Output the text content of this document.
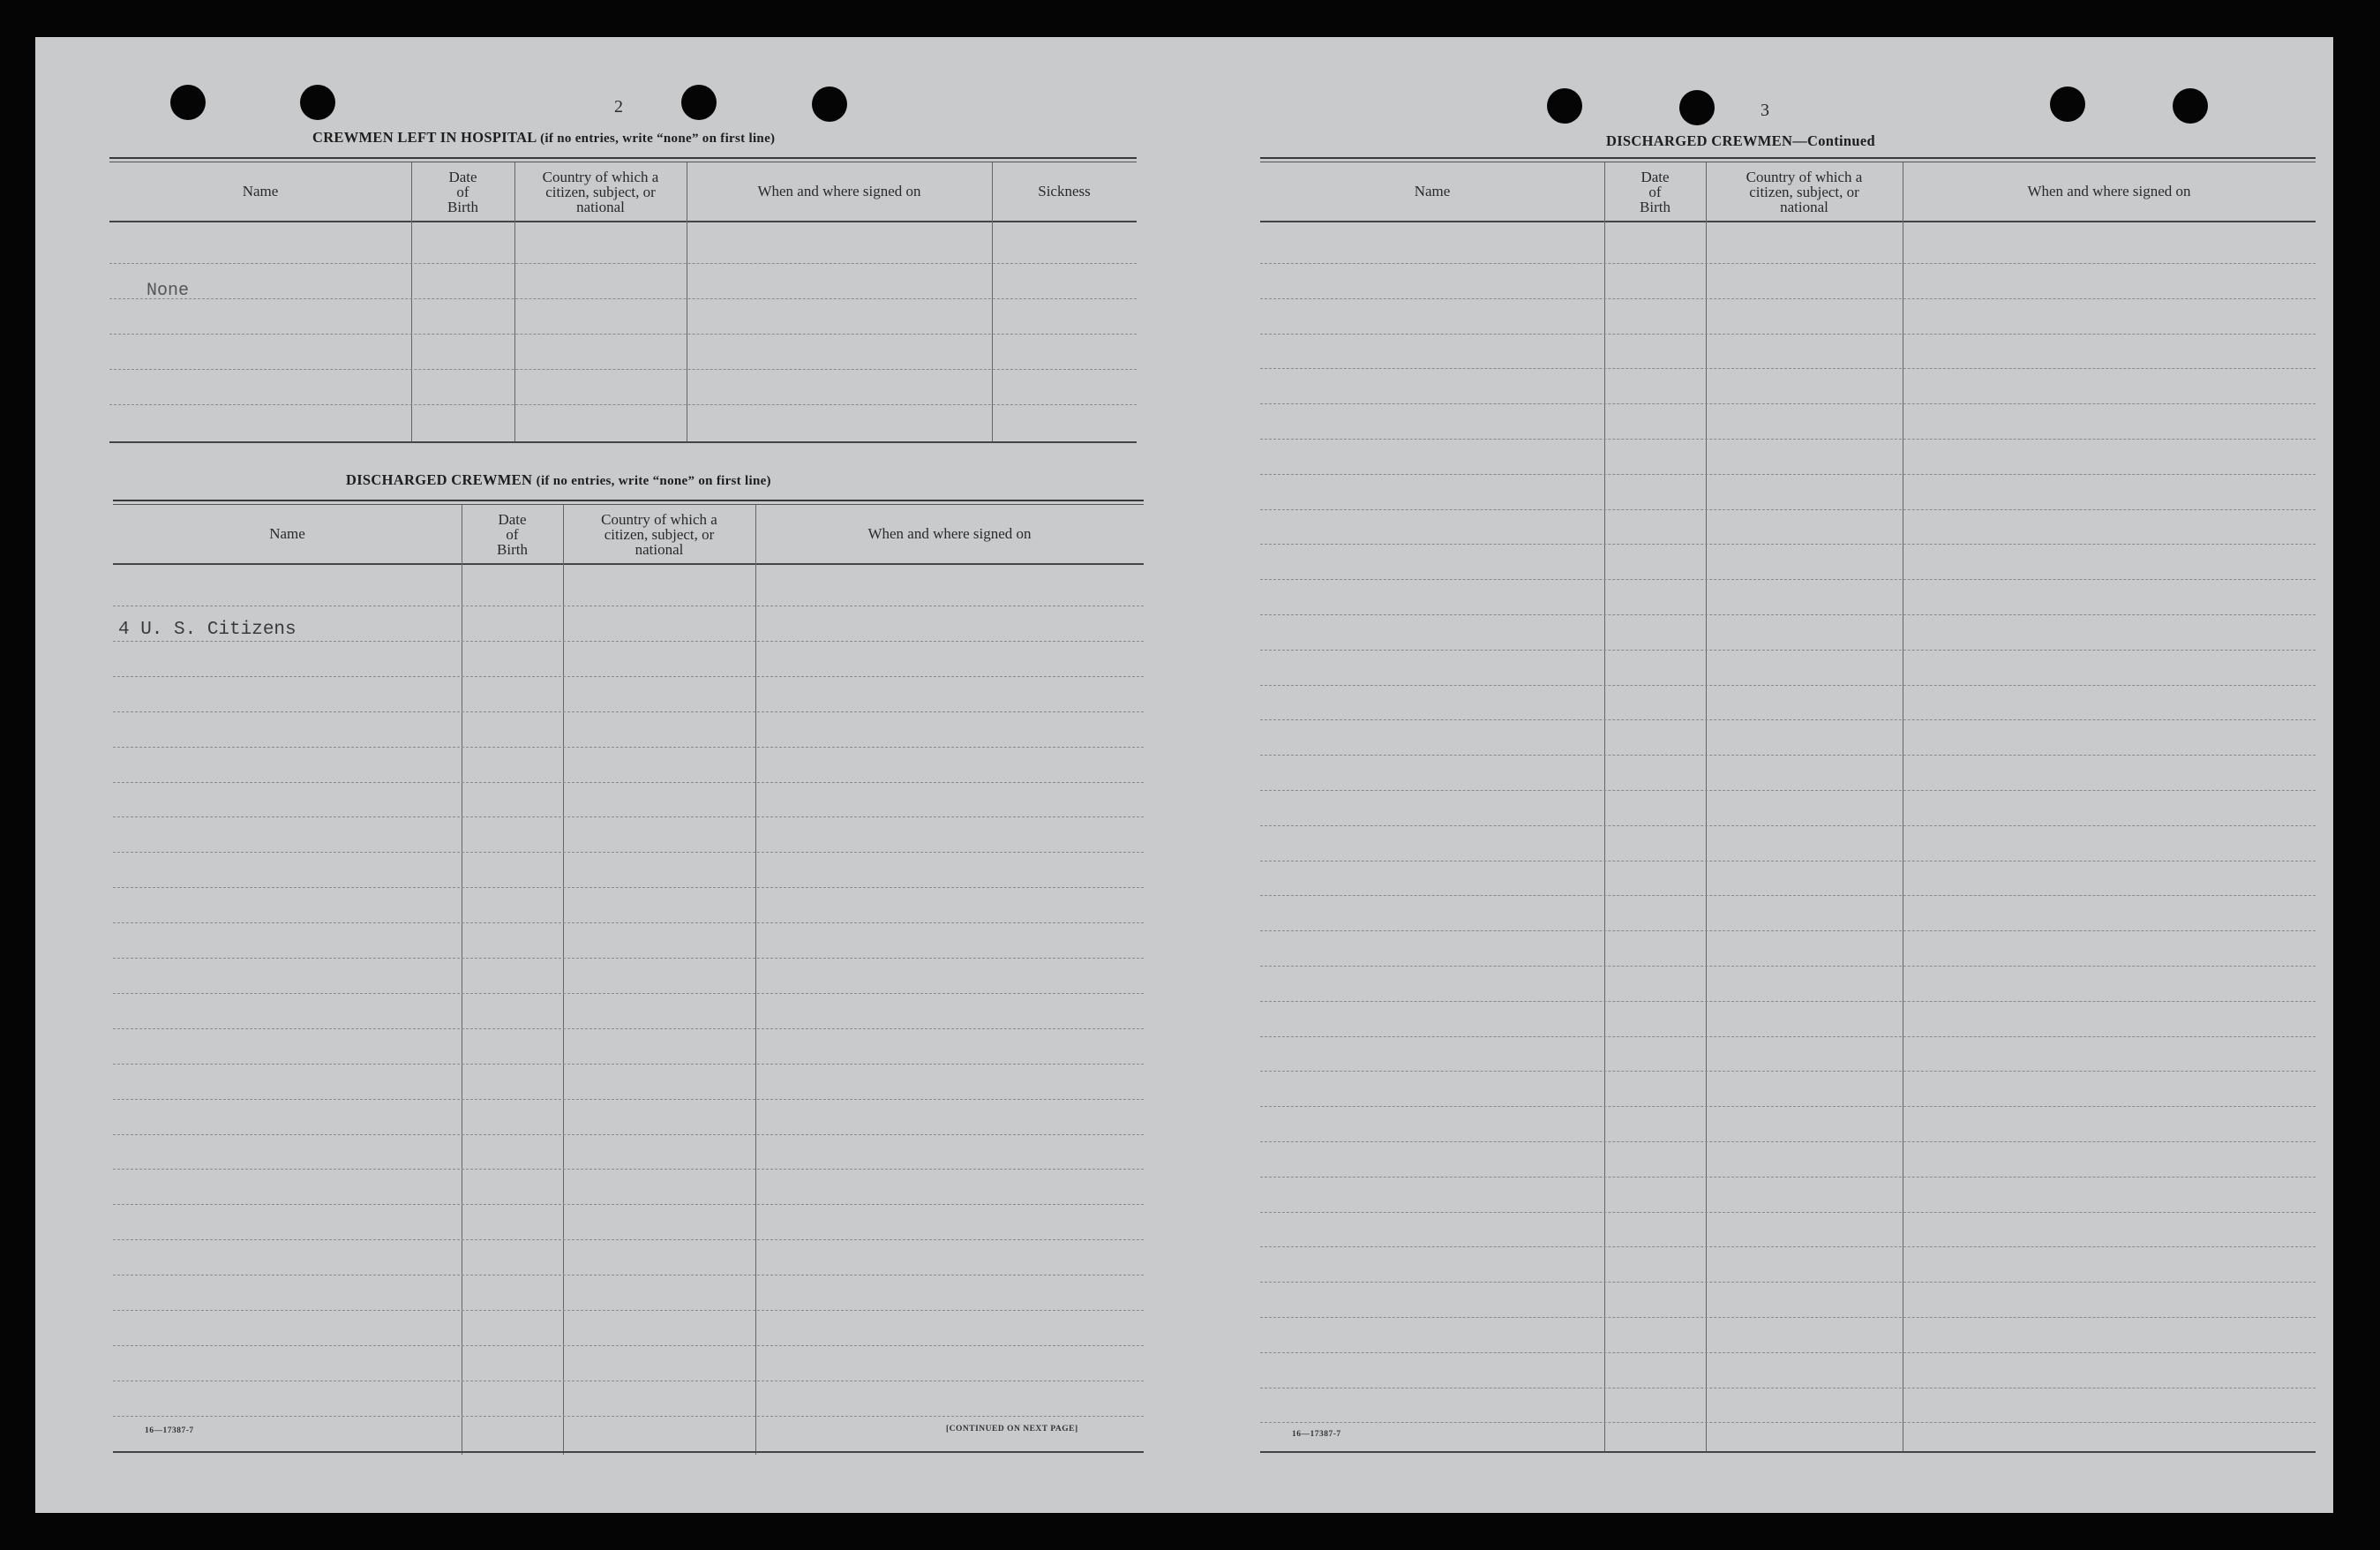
2
CREWMEN LEFT IN HOSPITAL (if no entries, write “none” on first line)
Name
Date
of
Birth
Country of which a
citizen, subject, or
national
When and where signed on	Sickness
None
DISCHARGED CREWMEN (if no entries, write “none” on first line)
Name
Date
of
Birth
Country of which a
citizen, subject, or
national
When and where signed on
4 U. S. Citizens
16—17387-7	[CONTINUED ON NEXT PAGE]
3
DISCHARGED CREWMEN—Continued
Name
Date
of
Birth
Country of which a
citizen, subject, or
national
When and where signed on
16—17387-7
